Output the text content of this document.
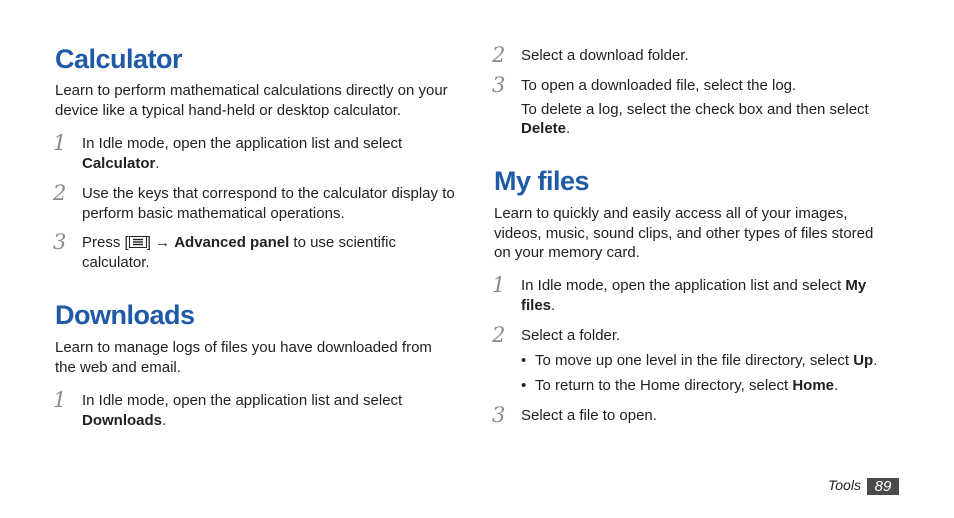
Calculator

Learn to perform mathematical calculations directly on your device like a typical hand-held or desktop calculator.

1 In Idle mode, open the application list and select Calculator.
2 Use the keys that correspond to the calculator display to perform basic mathematical operations.
3 Press [ ] → Advanced panel to use scientific calculator.
Downloads

Learn to manage logs of files you have downloaded from the web and email.

1 In Idle mode, open the application list and select Downloads.
2 Select a download folder.
3 To open a downloaded file, select the log.
To delete a log, select the check box and then select Delete.
My files

Learn to quickly and easily access all of your images, videos, music, sound clips, and other types of files stored on your memory card.

1 In Idle mode, open the application list and select My files.
2 Select a folder.
• To move up one level in the file directory, select Up.
• To return to the Home directory, select Home.
3 Select a file to open.
Tools 89
